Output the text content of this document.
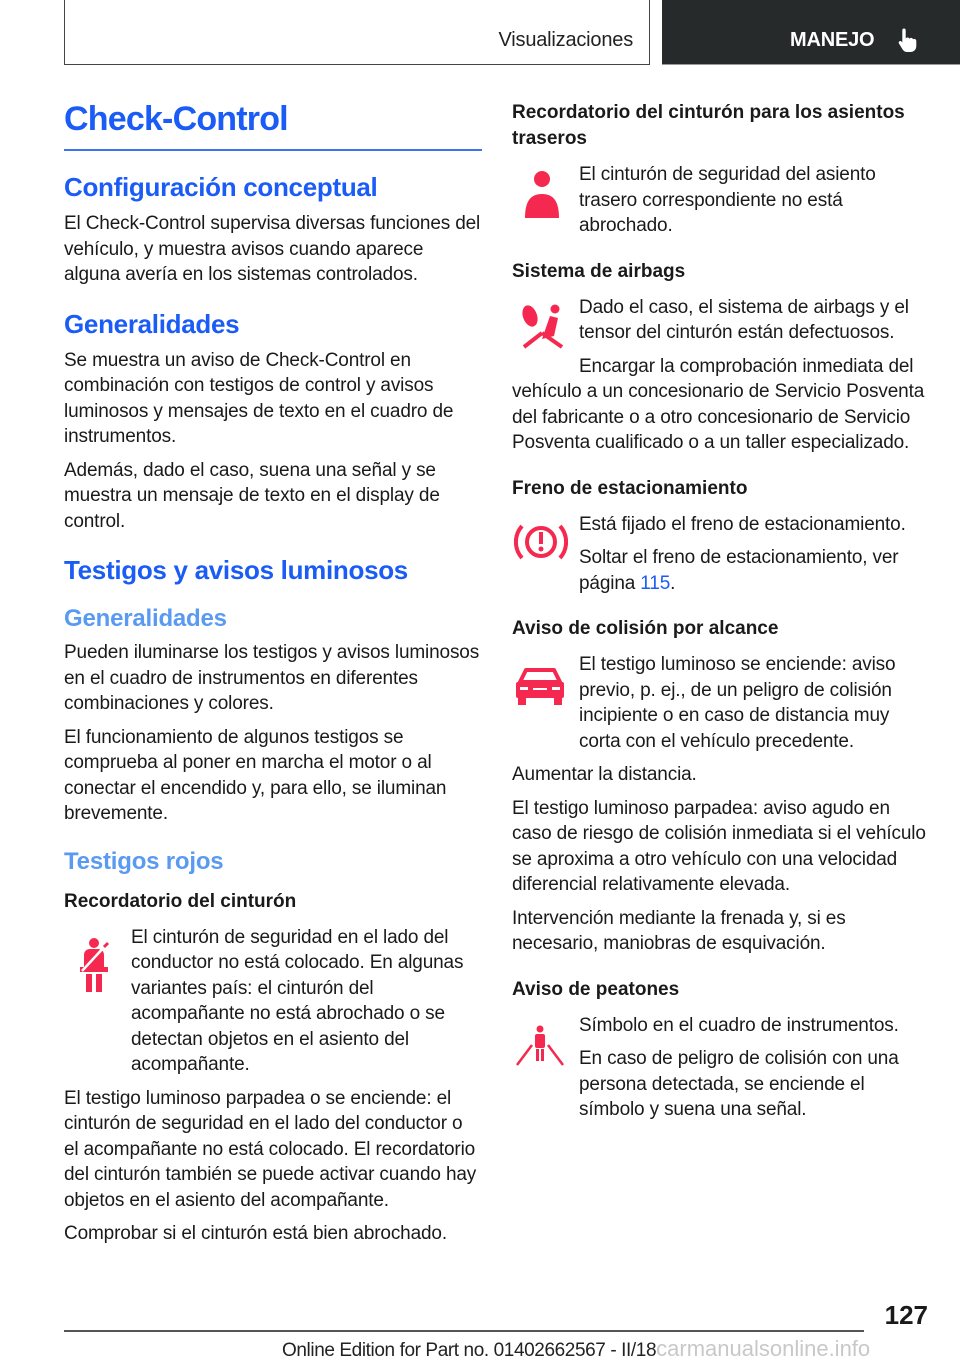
Visualizaciones	MANEJO
Check-Control
Configuración conceptual

El Check-Control supervisa diversas funciones del vehículo, y muestra avisos cuando aparece alguna avería en los sistemas controlados.

Generalidades

Se muestra un aviso de Check-Control en combinación con testigos de control y avisos luminosos y mensajes de texto en el cuadro de instrumentos.

Además, dado el caso, suena una señal y se muestra un mensaje de texto en el display de control.

Testigos y avisos luminosos
Generalidades

Pueden iluminarse los testigos y avisos luminosos en el cuadro de instrumentos en diferentes combinaciones y colores.

El funcionamiento de algunos testigos se comprueba al poner en marcha el motor o al conectar el encendido y, para ello, se iluminan brevemente.

Testigos rojos
Recordatorio del cinturón

El cinturón de seguridad en el lado del conductor no está colocado. En algunas variantes país: el cinturón del acompañante no está abrochado o se detectan objetos en el asiento del acompañante.

El testigo luminoso parpadea o se enciende: el cinturón de seguridad en el lado del conductor o el acompañante no está colocado. El recordatorio del cinturón también se puede activar cuando hay objetos en el asiento del acompañante.

Comprobar si el cinturón está bien abrochado.

Recordatorio del cinturón para los asientos traseros

El cinturón de seguridad del asiento trasero correspondiente no está abrochado.

Sistema de airbags

Dado el caso, el sistema de airbags y el tensor del cinturón están defectuosos.

Encargar la comprobación inmediata del vehículo a un concesionario de Servicio Posventa del fabricante o a otro concesionario de Servicio Posventa cualificado o a un taller especializado.

Freno de estacionamiento

Está fijado el freno de estacionamiento.

Soltar el freno de estacionamiento, ver página 115.

Aviso de colisión por alcance

El testigo luminoso se enciende: aviso previo, p. ej., de un peligro de colisión incipiente o en caso de distancia muy corta con el vehículo precedente.

Aumentar la distancia.

El testigo luminoso parpadea: aviso agudo en caso de riesgo de colisión inmediata si el vehículo se aproxima a otro vehículo con una velocidad diferencial relativamente elevada.

Intervención mediante la frenada y, si es necesario, maniobras de esquivación.

Aviso de peatones

Símbolo en el cuadro de instrumentos.

En caso de peligro de colisión con una persona detectada, se enciende el símbolo y suena una señal.

127
Online Edition for Part no. 01402662567 - II/18carmanualsonline.info
